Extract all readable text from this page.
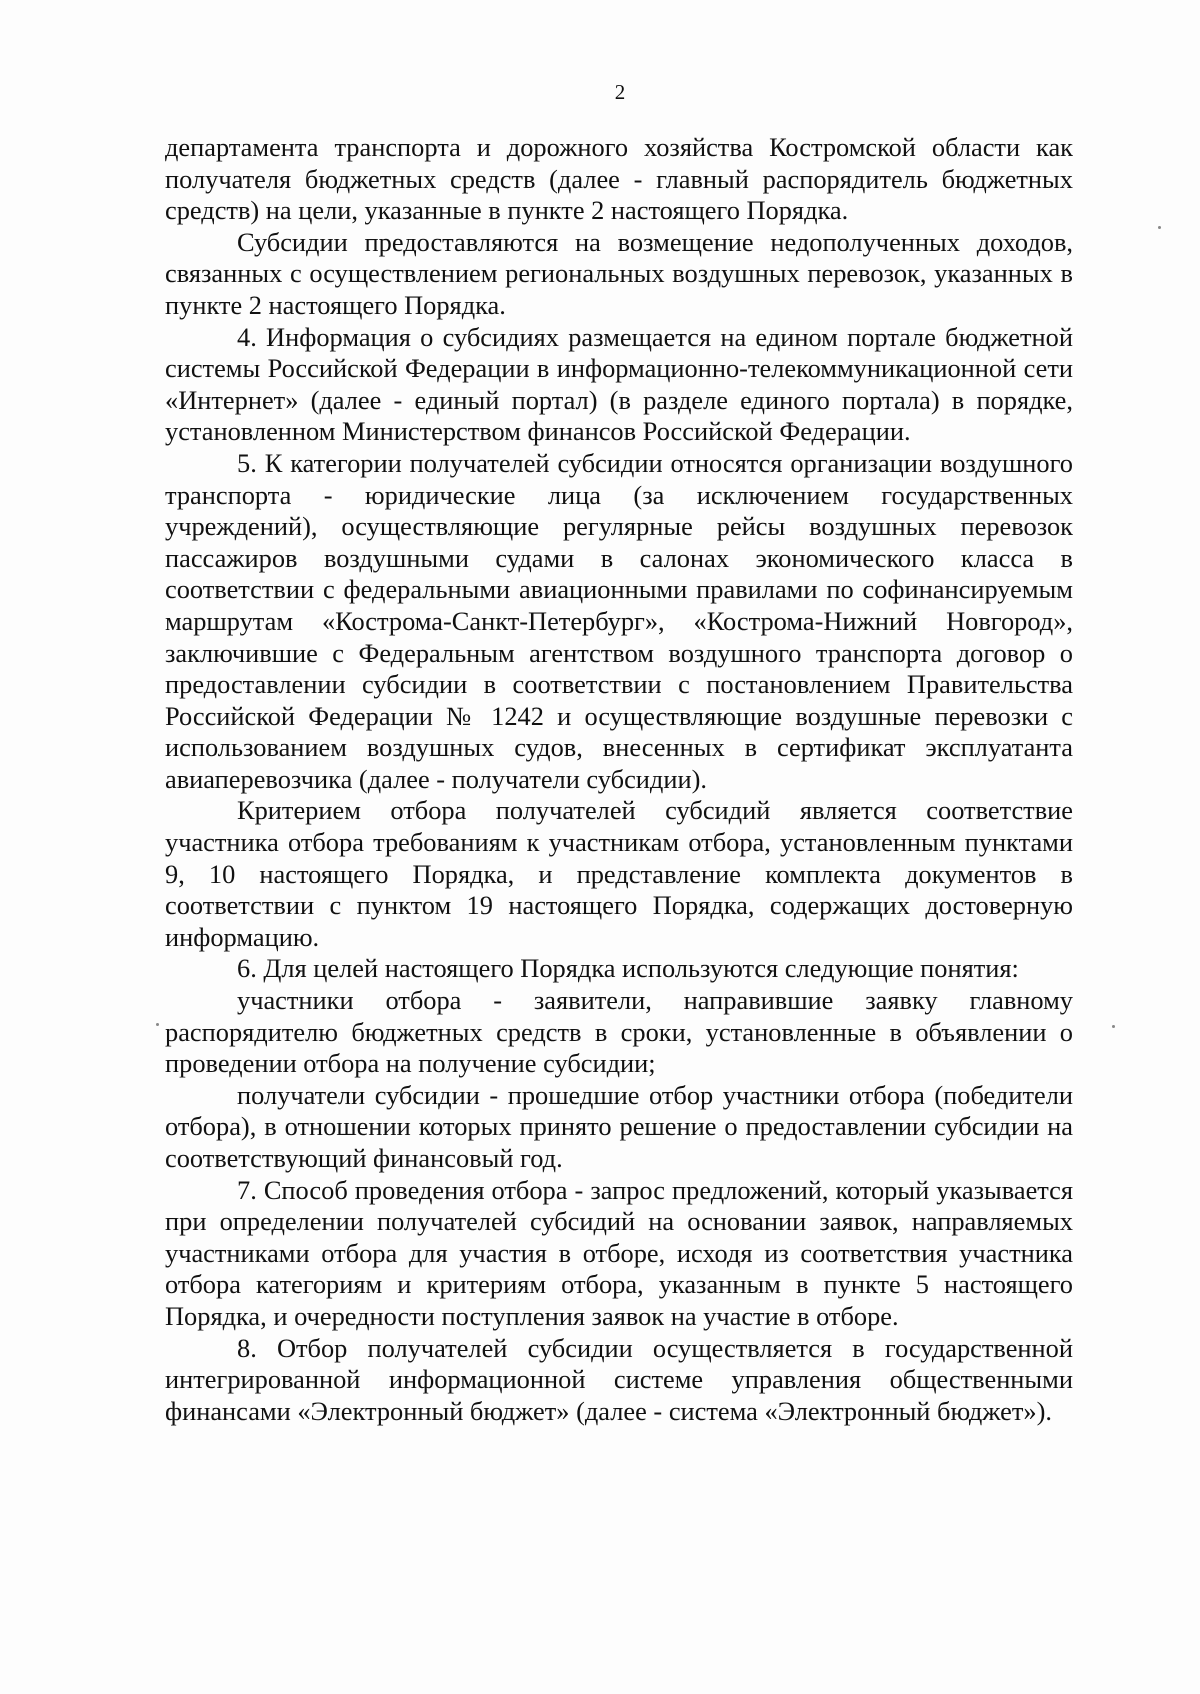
2

департамента транспорта и дорожного хозяйства Костромской области как получателя бюджетных средств (далее - главный распорядитель бюджетных средств) на цели, указанные в пункте 2 настоящего Порядка.

Субсидии предоставляются на возмещение недополученных доходов, связанных с осуществлением региональных воздушных перевозок, указанных в пункте 2 настоящего Порядка.

4. Информация о субсидиях размещается на едином портале бюджетной системы Российской Федерации в информационно-телекоммуникационной сети «Интернет» (далее - единый портал) (в разделе единого портала) в порядке, установленном Министерством финансов Российской Федерации.

5. К категории получателей субсидии относятся организации воздушного транспорта - юридические лица (за исключением государственных учреждений), осуществляющие регулярные рейсы воздушных перевозок пассажиров воздушными судами в салонах экономического класса в соответствии с федеральными авиационными правилами по софинансируемым маршрутам «Кострома-Санкт-Петербург», «Кострома-Нижний Новгород», заключившие с Федеральным агентством воздушного транспорта договор о предоставлении субсидии в соответствии с постановлением Правительства Российской Федерации № 1242 и осуществляющие воздушные перевозки с использованием воздушных судов, внесенных в сертификат эксплуатанта авиаперевозчика (далее - получатели субсидии).

Критерием отбора получателей субсидий является соответствие участника отбора требованиям к участникам отбора, установленным пунктами 9, 10 настоящего Порядка, и представление комплекта документов в соответствии с пунктом 19 настоящего Порядка, содержащих достоверную информацию.

6. Для целей настоящего Порядка используются следующие понятия:

участники отбора - заявители, направившие заявку главному распорядителю бюджетных средств в сроки, установленные в объявлении о проведении отбора на получение субсидии;

получатели субсидии - прошедшие отбор участники отбора (победители отбора), в отношении которых принято решение о предоставлении субсидии на соответствующий финансовый год.

7. Способ проведения отбора - запрос предложений, который указывается при определении получателей субсидий на основании заявок, направляемых участниками отбора для участия в отборе, исходя из соответствия участника отбора категориям и критериям отбора, указанным в пункте 5 настоящего Порядка, и очередности поступления заявок на участие в отборе.

8. Отбор получателей субсидии осуществляется в государственной интегрированной информационной системе управления общественными финансами «Электронный бюджет» (далее - система «Электронный бюджет»).
